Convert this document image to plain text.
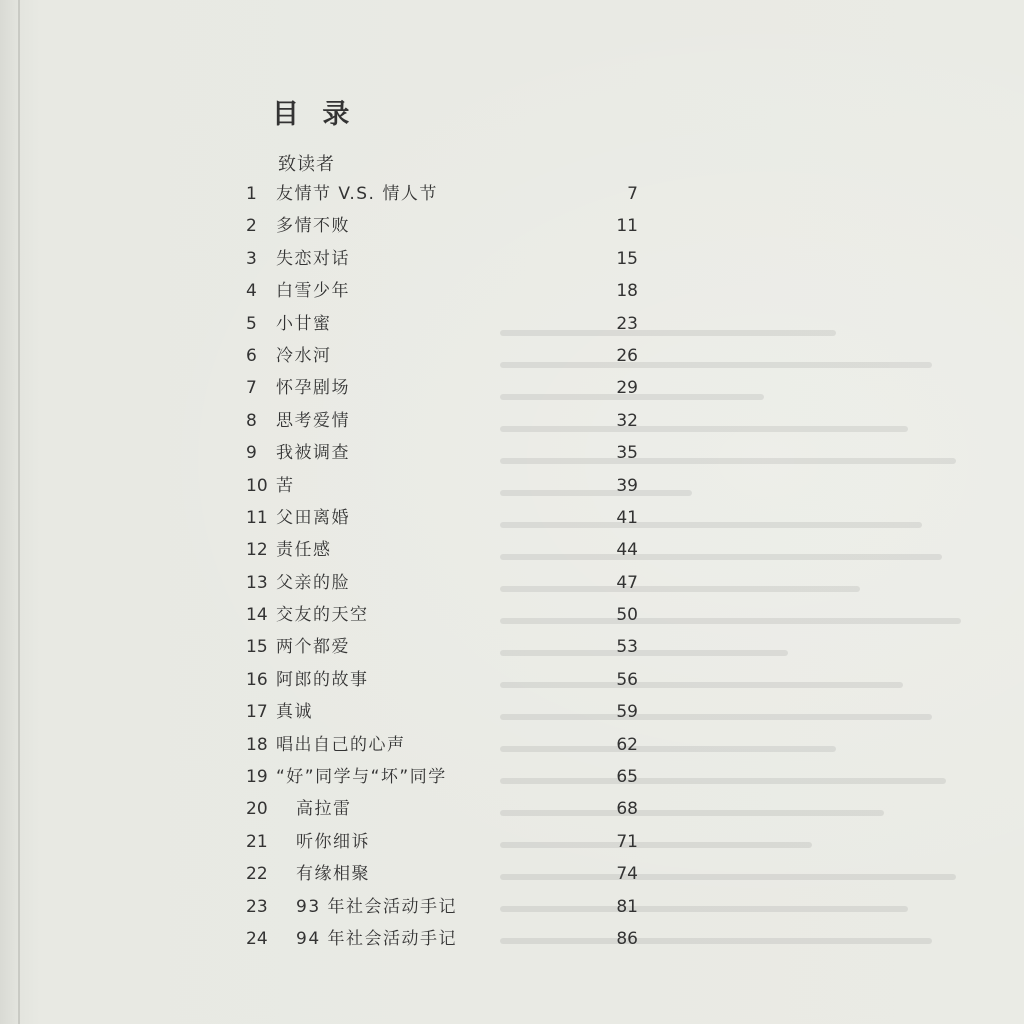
目 录
致读者
1	友情节 V.S. 情人节	7
2	多情不败	11
3	失恋对话	15
4	白雪少年	18
5	小甘蜜	23
6	冷水河	26
7	怀孕剧场	29
8	思考爱情	32
9	我被调查	35
10 苦	39
11 父田离婚	41
12 责任感	44
13 父亲的脸	47
14 交友的天空	50
15 两个都爱	53
16 阿郎的故事	56
17 真诚	59
18 唱出自己的心声	62
19 “好”同学与“坏”同学	65
20	高拉雷	68
21	听你细诉	71
22	有缘相聚	74
23	93 年社会活动手记	81
24	94 年社会活动手记	86
